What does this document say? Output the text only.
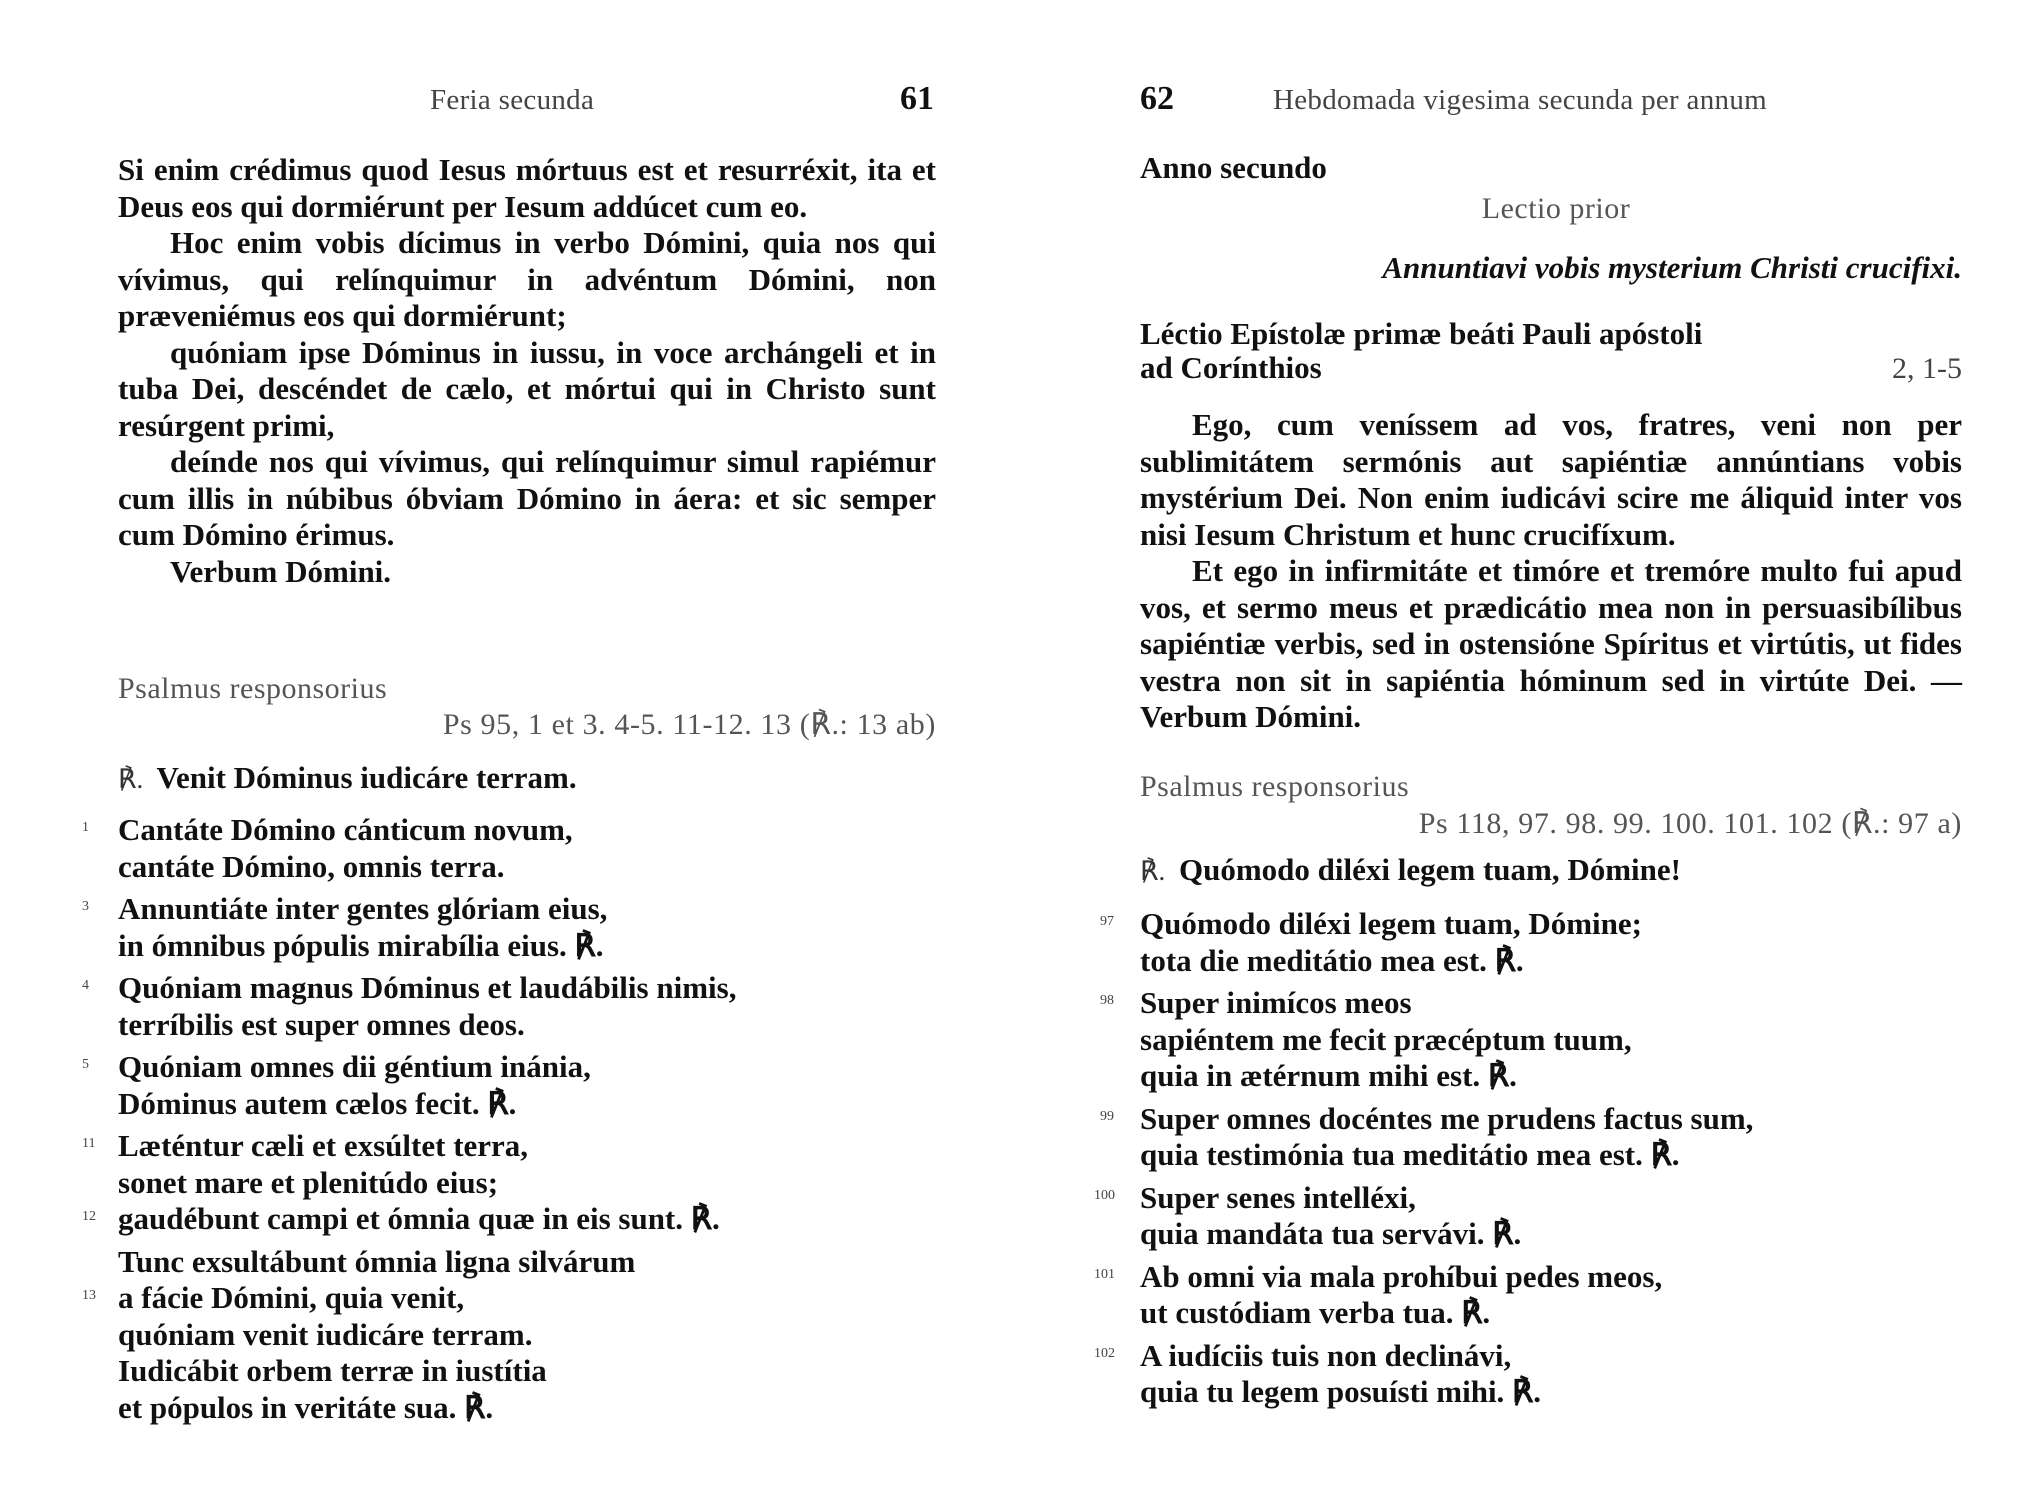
Feria secunda	61

Si enim crédimus quod Iesus mórtuus est et resurréxit, ita et Deus eos qui dormiérunt per Iesum addúcet cum eo.

Hoc enim vobis dícimus in verbo Dómini, quia nos qui vívimus, qui relínquimur in advéntum Dómini, non præveniémus eos qui dormiérunt;

quóniam ipse Dóminus in iussu, in voce archángeli et in tuba Dei, descéndet de cælo, et mórtui qui in Christo sunt resúrgent primi,

deínde nos qui vívimus, qui relínquimur simul rapiémur cum illis in núbibus óbviam Dómino in áera: et sic semper cum Dómino érimus.

Verbum Dómini.

Psalmus responsorius
Ps 95, 1 et 3. 4-5. 11-12. 13 (℟.: 13 ab)
℟. Venit Dóminus iudicáre terram.
1 Cantáte Dómino cánticum novum,
cantáte Dómino, omnis terra.
3 Annuntiáte inter gentes glóriam eius,
in ómnibus pópulis mirabília eius. ℟.
4 Quóniam magnus Dóminus et laudábilis nimis,
terríbilis est super omnes deos.
5 Quóniam omnes dii géntium inánia,
Dóminus autem cælos fecit. ℟.
11 Læténtur cæli et exsúltet terra,
sonet mare et plenitúdo eius;
12 gaudébunt campi et ómnia quæ in eis sunt. ℟.
13
Tunc exsultábunt ómnia ligna silvárum
a fácie Dómini, quia venit,
quóniam venit iudicáre terram.
Iudicábit orbem terræ in iustítia
et pópulos in veritáte sua. ℟.
62	Hebdomada vigesima secunda per annum
Anno secundo
Lectio prior
Annuntiavi vobis mysterium Christi crucifixi.
Léctio Epístolæ primæ beáti Pauli apóstoli
ad Corínthios	2, 1-5

Ego, cum veníssem ad vos, fratres, veni non per sublimitátem sermónis aut sapiéntiæ annúntians vobis mystérium Dei. Non enim iudicávi scire me áliquid inter vos nisi Iesum Christum et hunc crucifíxum.

Et ego in infirmitáte et timóre et tremóre multo fui apud vos, et sermo meus et prædicátio mea non in persuasibílibus sapiéntiæ verbis, sed in ostensióne Spíritus et virtútis, ut fides vestra non sit in sapiéntia hóminum sed in virtúte Dei. — Verbum Dómini.

Psalmus responsorius
Ps 118, 97. 98. 99. 100. 101. 102 (℟.: 97 a)
℟. Quómodo diléxi legem tuam, Dómine!
97 Quómodo diléxi legem tuam, Dómine;
tota die meditátio mea est. ℟.
98 Super inimícos meos
sapiéntem me fecit præcéptum tuum,
quia in ætérnum mihi est. ℟.
99 Super omnes docéntes me prudens factus sum,
quia testimónia tua meditátio mea est. ℟.
100 Super senes intelléxi,
quia mandáta tua servávi. ℟.
101 Ab omni via mala prohíbui pedes meos,
ut custódiam verba tua. ℟.
102 A iudíciis tuis non declinávi,
quia tu legem posuísti mihi. ℟.
